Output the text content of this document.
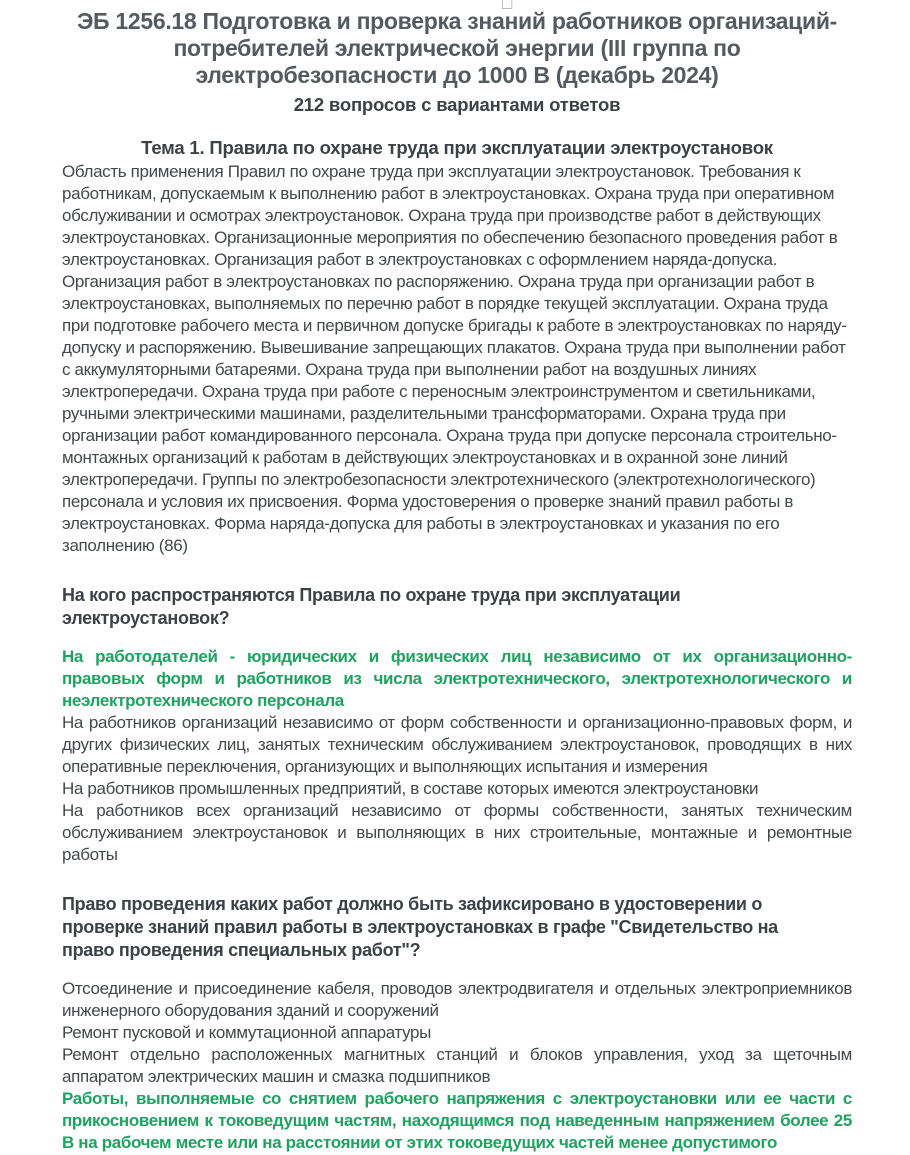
□
ЭБ 1256.18 Подготовка и проверка знаний работников организаций-потребителей электрической энергии (III группа по электробезопасности до 1000 В (декабрь 2024)
212 вопросов с вариантами ответов
Тема 1. Правила по охране труда при эксплуатации электроустановок

Область применения Правил по охране труда при эксплуатации электроустановок. Требования к работникам, допускаемым к выполнению работ в электроустановках. Охрана труда при оперативном обслуживании и осмотрах электроустановок. Охрана труда при производстве работ в действующих электроустановках. Организационные мероприятия по обеспечению безопасного проведения работ в электроустановках. Организация работ в электроустановках с оформлением наряда-допуска. Организация работ в электроустановках по распоряжению. Охрана труда при организации работ в электроустановках, выполняемых по перечню работ в порядке текущей эксплуатации. Охрана труда при подготовке рабочего места и первичном допуске бригады к работе в электроустановках по наряду-допуску и распоряжению. Вывешивание запрещающих плакатов. Охрана труда при выполнении работ с аккумуляторными батареями. Охрана труда при выполнении работ на воздушных линиях электропередачи. Охрана труда при работе с переносным электроинструментом и светильниками, ручными электрическими машинами, разделительными трансформаторами. Охрана труда при организации работ командированного персонала. Охрана труда при допуске персонала строительно-монтажных организаций к работам в действующих электроустановках и в охранной зоне линий электропередачи. Группы по электробезопасности электротехнического (электротехнологического) персонала и условия их присвоения. Форма удостоверения о проверке знаний правил работы в электроустановках. Форма наряда-допуска для работы в электроустановках и указания по его заполнению (86)

На кого распространяются Правила по охране труда при эксплуатации электроустановок?

На работодателей - юридических и физических лиц независимо от их организационно-правовых форм и работников из числа электротехнического, электротехнологического и неэлектротехнического персонала

На работников организаций независимо от форм собственности и организационно-правовых форм, и других физических лиц, занятых техническим обслуживанием электроустановок, проводящих в них оперативные переключения, организующих и выполняющих испытания и измерения

На работников промышленных предприятий, в составе которых имеются электроустановки

На работников всех организаций независимо от формы собственности, занятых техническим обслуживанием электроустановок и выполняющих в них строительные, монтажные и ремонтные работы

Право проведения каких работ должно быть зафиксировано в удостоверении о проверке знаний правил работы в электроустановках в графе "Свидетельство на право проведения специальных работ"?

Отсоединение и присоединение кабеля, проводов электродвигателя и отдельных электроприемников инженерного оборудования зданий и сооружений

Ремонт пусковой и коммутационной аппаратуры

Ремонт отдельно расположенных магнитных станций и блоков управления, уход за щеточным аппаратом электрических машин и смазка подшипников

Работы, выполняемые со снятием рабочего напряжения с электроустановки или ее части с прикосновением к токоведущим частям, находящимся под наведенным напряжением более 25 В на рабочем месте или на расстоянии от этих токоведущих частей менее допустимого
